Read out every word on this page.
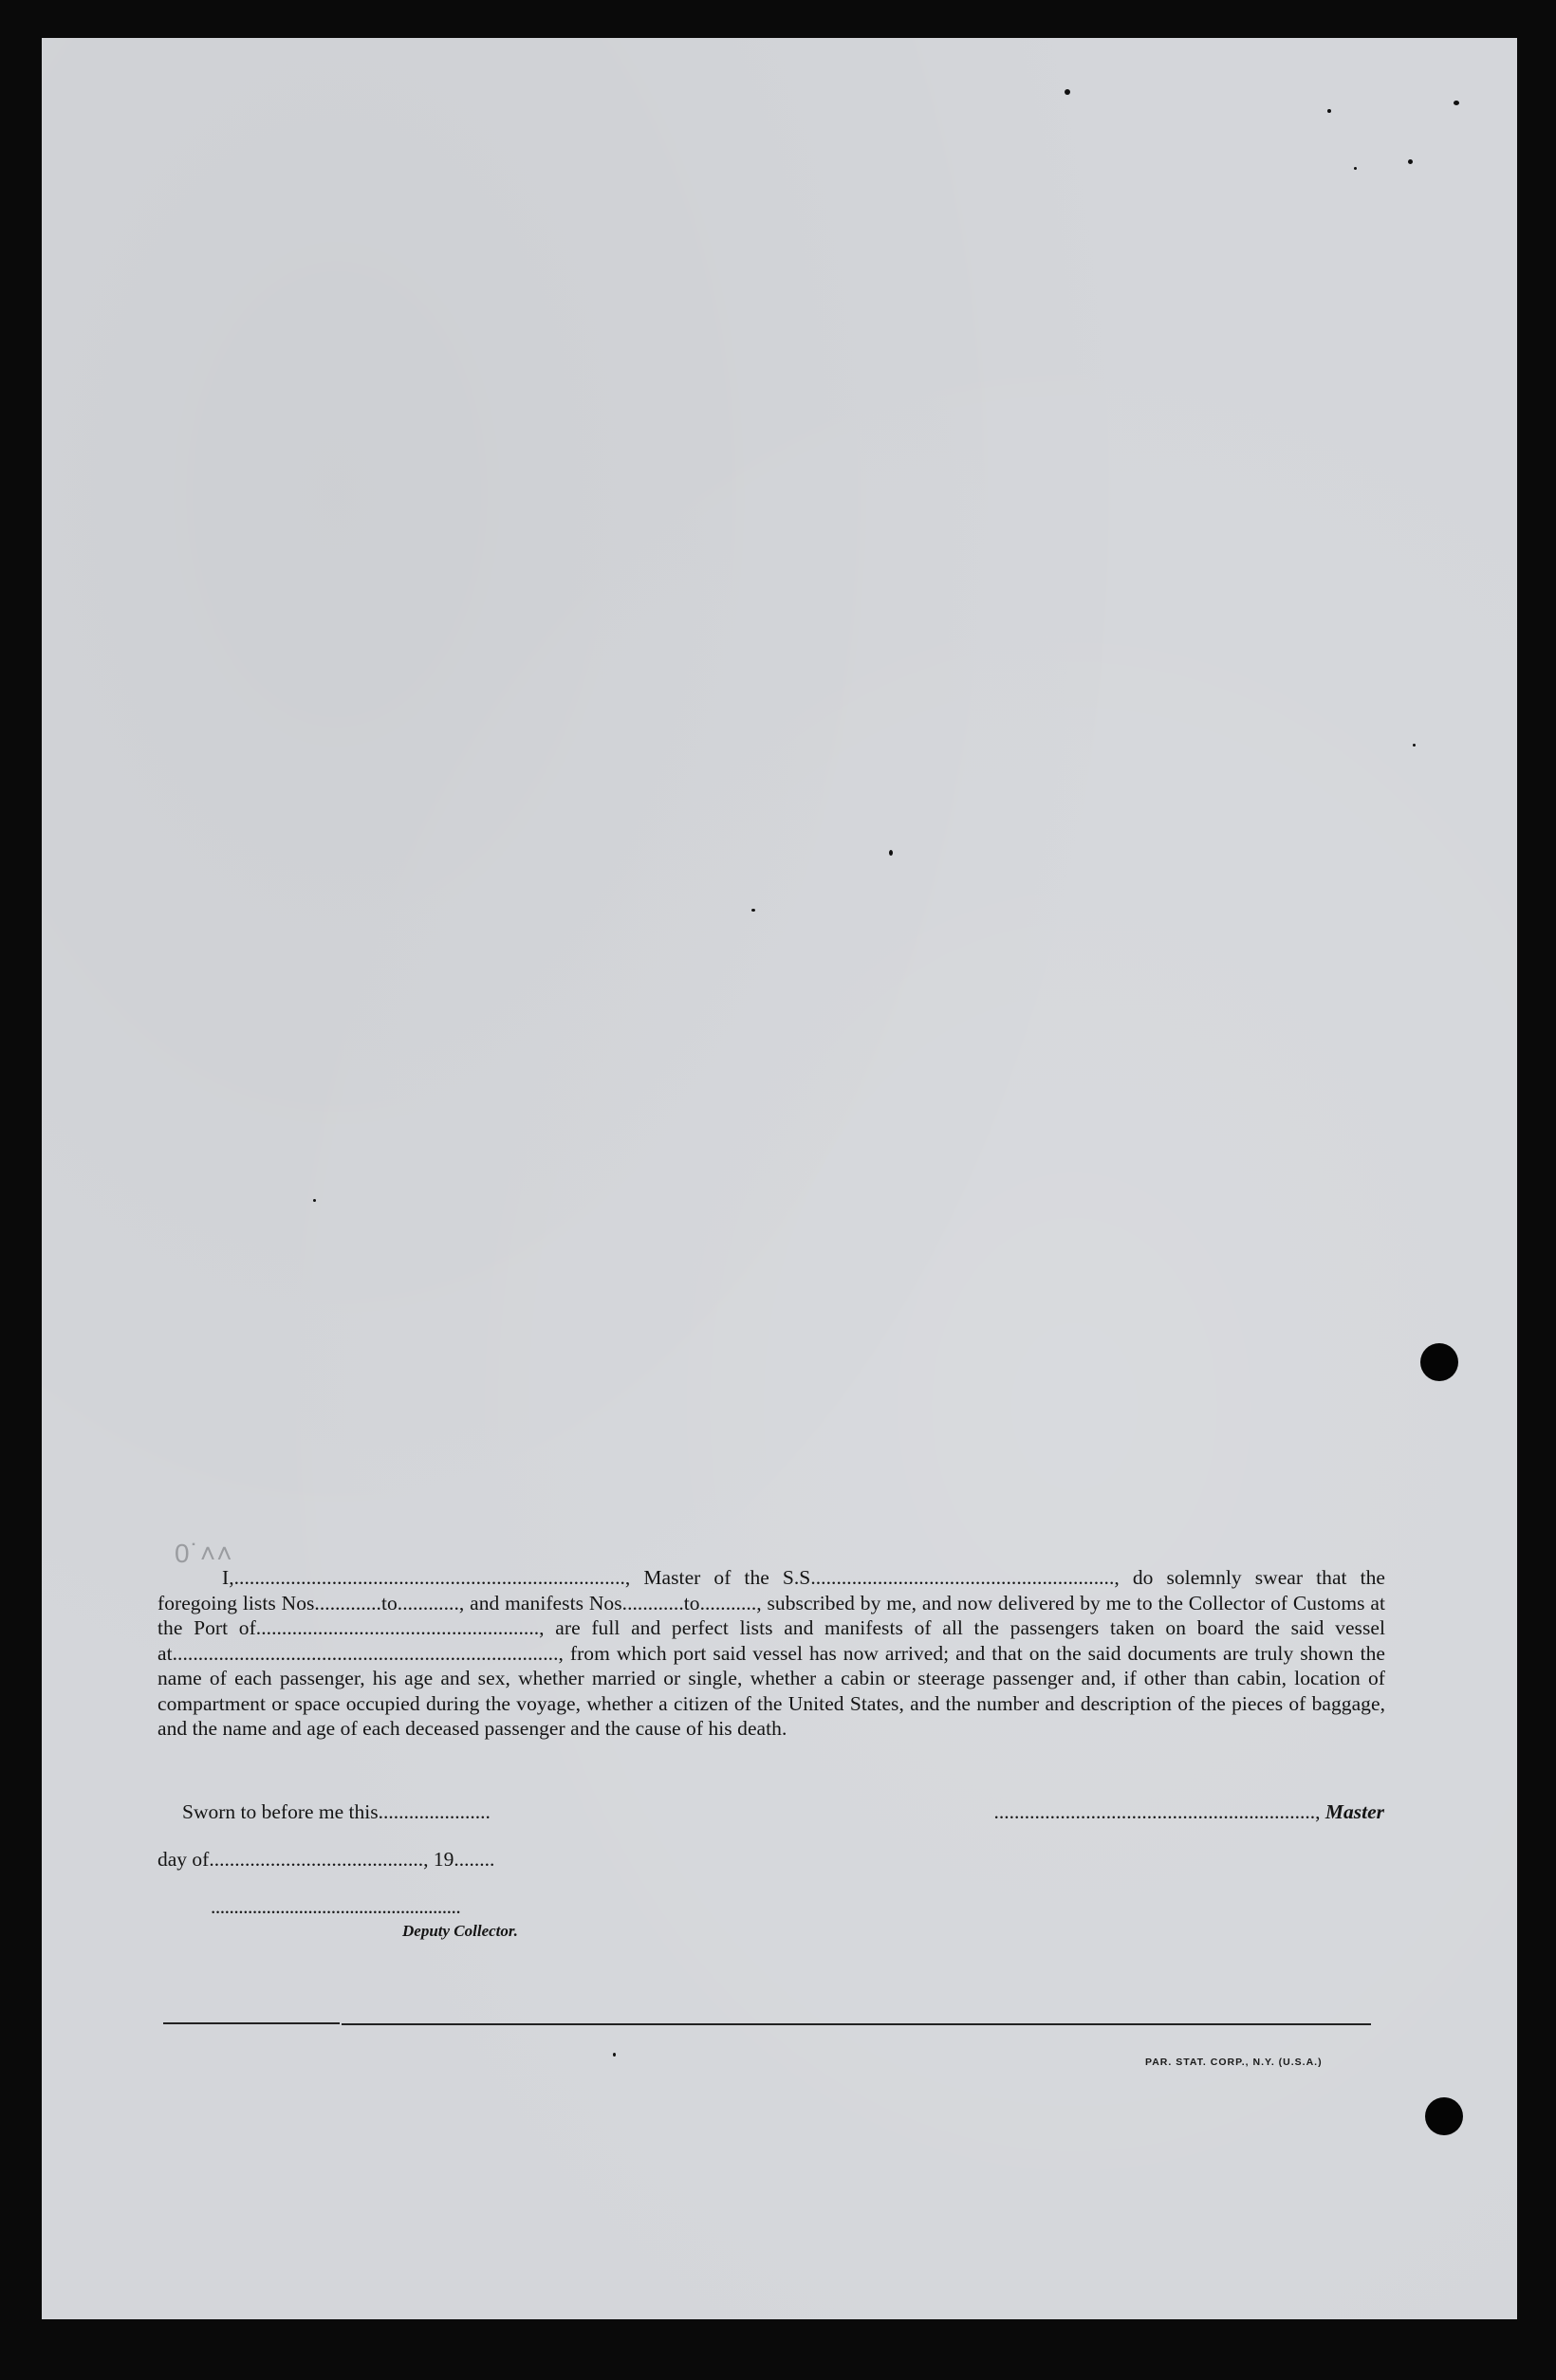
0˙˄˄

I,............................................................................, Master of the S.S..........................................................., do solemnly swear that the foregoing lists Nos.............to............, and manifests Nos............to..........., subscribed by me, and now delivered by me to the Collector of Customs at the Port of......................................................., are full and perfect lists and manifests of all the passengers taken on board the said vessel at..........................................................................., from which port said vessel has now arrived; and that on the said documents are truly shown the name of each passenger, his age and sex, whether married or single, whether a cabin or steerage passenger and, if other than cabin, location of compartment or space occupied during the voyage, whether a citizen of the United States, and the number and description of the pieces of baggage, and the name and age of each deceased passenger and the cause of his death.

Sworn to before me this......................	..............................................................., Master
day of.........................................., 19........
......................................................
Deputy Collector.
PAR. STAT. CORP., N.Y. (U.S.A.)
